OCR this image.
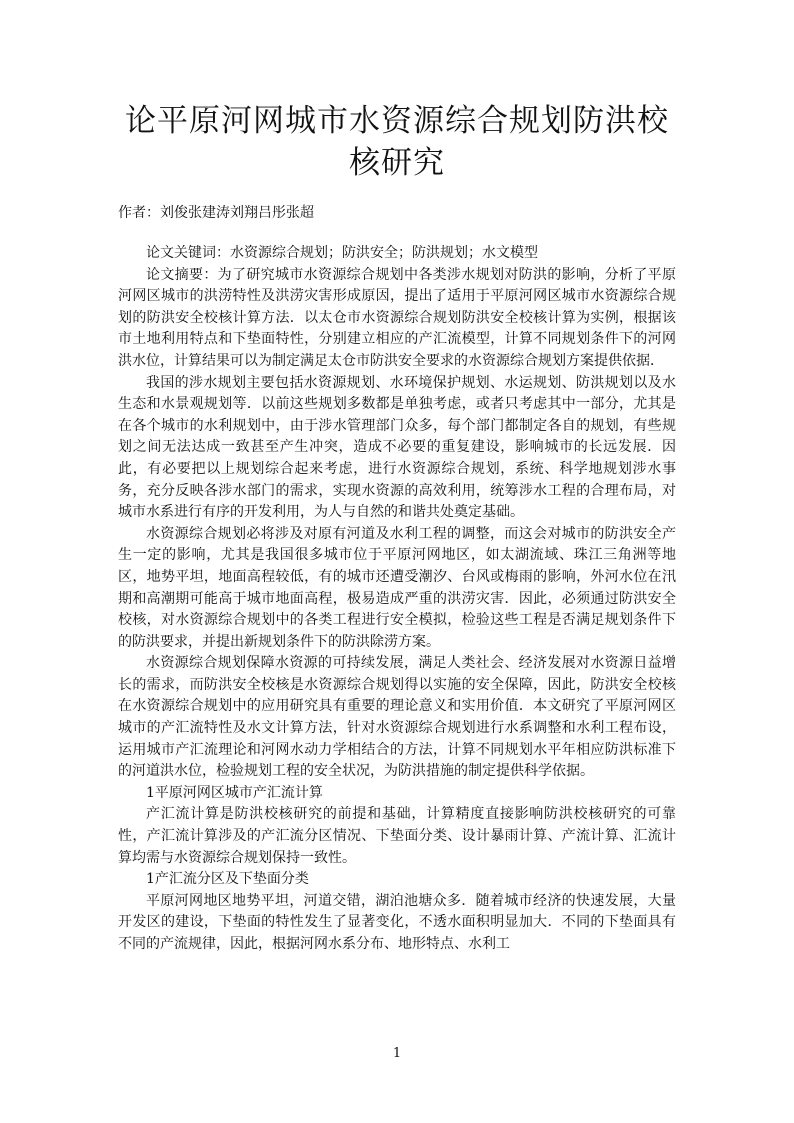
论平原河网城市水资源综合规划防洪校核研究
作者：刘俊张建涛刘翔吕彤张超

论文关键词：水资源综合规划；防洪安全；防洪规划；水文模型

论文摘要：为了研究城市水资源综合规划中各类涉水规划对防洪的影响，分析了平原河网区城市的洪涝特性及洪涝灾害形成原因，提出了适用于平原河网区城市水资源综合规划的防洪安全校核计算方法．以太仓市水资源综合规划防洪安全校核计算为实例，根据该市土地利用特点和下垫面特性，分别建立相应的产汇流模型，计算不同规划条件下的河网洪水位，计算结果可以为制定满足太仓市防洪安全要求的水资源综合规划方案提供依据．

我国的涉水规划主要包括水资源规划、水环境保护规划、水运规划、防洪规划以及水生态和水景观规划等．以前这些规划多数都是单独考虑，或者只考虑其中一部分，尤其是在各个城市的水利规划中，由于涉水管理部门众多，每个部门都制定各自的规划，有些规划之间无法达成一致甚至产生冲突，造成不必要的重复建设，影响城市的长远发展．因此，有必要把以上规划综合起来考虑，进行水资源综合规划，系统、科学地规划涉水事务，充分反映各涉水部门的需求，实现水资源的高效利用，统筹涉水工程的合理布局，对城市水系进行有序的开发利用，为人与自然的和谐共处奠定基础。

水资源综合规划必将涉及对原有河道及水利工程的调整，而这会对城市的防洪安全产生一定的影响，尤其是我国很多城市位于平原河网地区，如太湖流域、珠江三角洲等地区，地势平坦，地面高程较低，有的城市还遭受潮汐、台风或梅雨的影响，外河水位在汛期和高潮期可能高于城市地面高程，极易造成严重的洪涝灾害．因此，必须通过防洪安全校核，对水资源综合规划中的各类工程进行安全模拟，检验这些工程是否满足规划条件下的防洪要求，并提出新规划条件下的防洪除涝方案。

水资源综合规划保障水资源的可持续发展，满足人类社会、经济发展对水资源日益增长的需求，而防洪安全校核是水资源综合规划得以实施的安全保障，因此，防洪安全校核在水资源综合规划中的应用研究具有重要的理论意义和实用价值．本文研究了平原河网区城市的产汇流特性及水文计算方法，针对水资源综合规划进行水系调整和水利工程布设，运用城市产汇流理论和河网水动力学相结合的方法，计算不同规划水平年相应防洪标准下的河道洪水位，检验规划工程的安全状况，为防洪措施的制定提供科学依据。

1平原河网区城市产汇流计算

产汇流计算是防洪校核研究的前提和基础，计算精度直接影响防洪校核研究的可靠性，产汇流计算涉及的产汇流分区情况、下垫面分类、设计暴雨计算、产流计算、汇流计算均需与水资源综合规划保持一致性。

1产汇流分区及下垫面分类

平原河网地区地势平坦，河道交错，湖泊池塘众多．随着城市经济的快速发展，大量开发区的建设，下垫面的特性发生了显著变化，不透水面积明显加大．不同的下垫面具有不同的产流规律，因此，根据河网水系分布、地形特点、水利工

1
